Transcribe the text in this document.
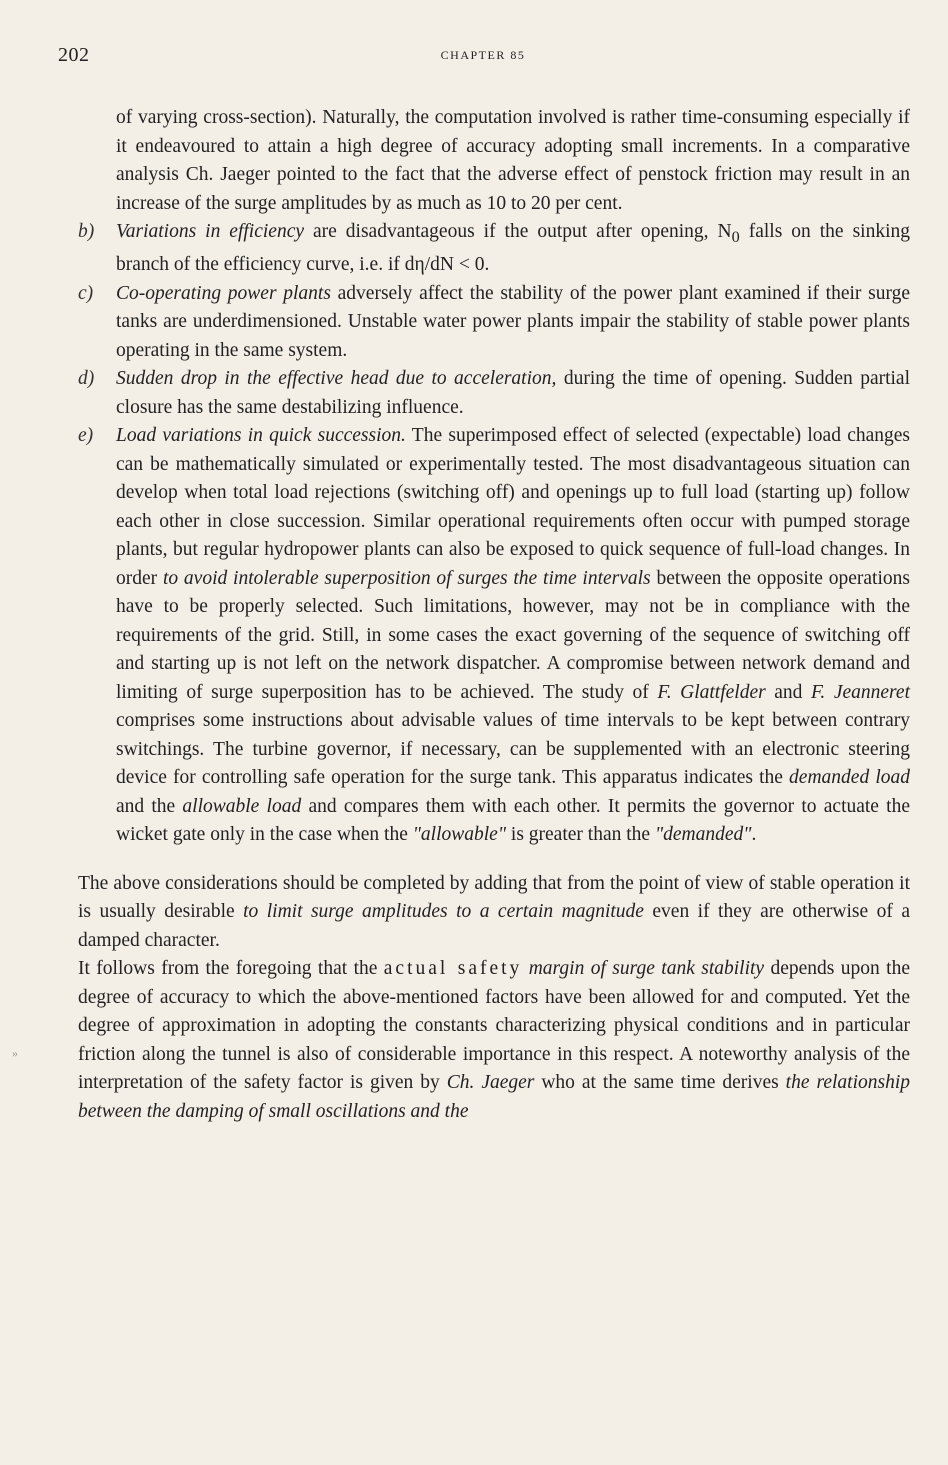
202	CHAPTER 85
»

of varying cross-section). Naturally, the computation involved is rather time-consuming especially if it endeavoured to attain a high degree of accuracy adopting small increments. In a comparative analysis Ch. Jaeger pointed to the fact that the adverse effect of penstock friction may result in an increase of the surge amplitudes by as much as 10 to 20 per cent.

b) Variations in efficiency are disadvantageous if the output after opening, $N_0$ falls on the sinking branch of the efficiency curve, i.e. if dη/dN < 0.

c) Co-operating power plants adversely affect the stability of the power plant examined if their surge tanks are underdimensioned. Unstable water power plants impair the stability of stable power plants operating in the same system.

d) Sudden drop in the effective head due to acceleration, during the time of opening. Sudden partial closure has the same destabilizing influence.

e) Load variations in quick succession. The superimposed effect of selected (expectable) load changes can be mathematically simulated or experimentally tested. The most disadvantageous situation can develop when total load rejections (switching off) and openings up to full load (starting up) follow each other in close succession. Similar operational requirements often occur with pumped storage plants, but regular hydropower plants can also be exposed to quick sequence of full-load changes. In order to avoid intolerable superposition of surges the time intervals between the opposite operations have to be properly selected. Such limitations, however, may not be in compliance with the requirements of the grid. Still, in some cases the exact governing of the sequence of switching off and starting up is not left on the network dispatcher. A compromise between network demand and limiting of surge superposition has to be achieved. The study of F. Glattfelder and F. Jeanneret comprises some instructions about advisable values of time intervals to be kept between contrary switchings. The turbine governor, if necessary, can be supplemented with an electronic steering device for controlling safe operation for the surge tank. This apparatus indicates the demanded load and the allowable load and compares them with each other. It permits the governor to actuate the wicket gate only in the case when the "allowable" is greater than the "demanded".

The above considerations should be completed by adding that from the point of view of stable operation it is usually desirable to limit surge amplitudes to a certain magnitude even if they are otherwise of a damped character.

It follows from the foregoing that the actual safety margin of surge tank stability depends upon the degree of accuracy to which the above-mentioned factors have been allowed for and computed. Yet the degree of approximation in adopting the constants characterizing physical conditions and in particular friction along the tunnel is also of considerable importance in this respect. A noteworthy analysis of the interpretation of the safety factor is given by Ch. Jaeger who at the same time derives the relationship between the damping of small oscillations and the
